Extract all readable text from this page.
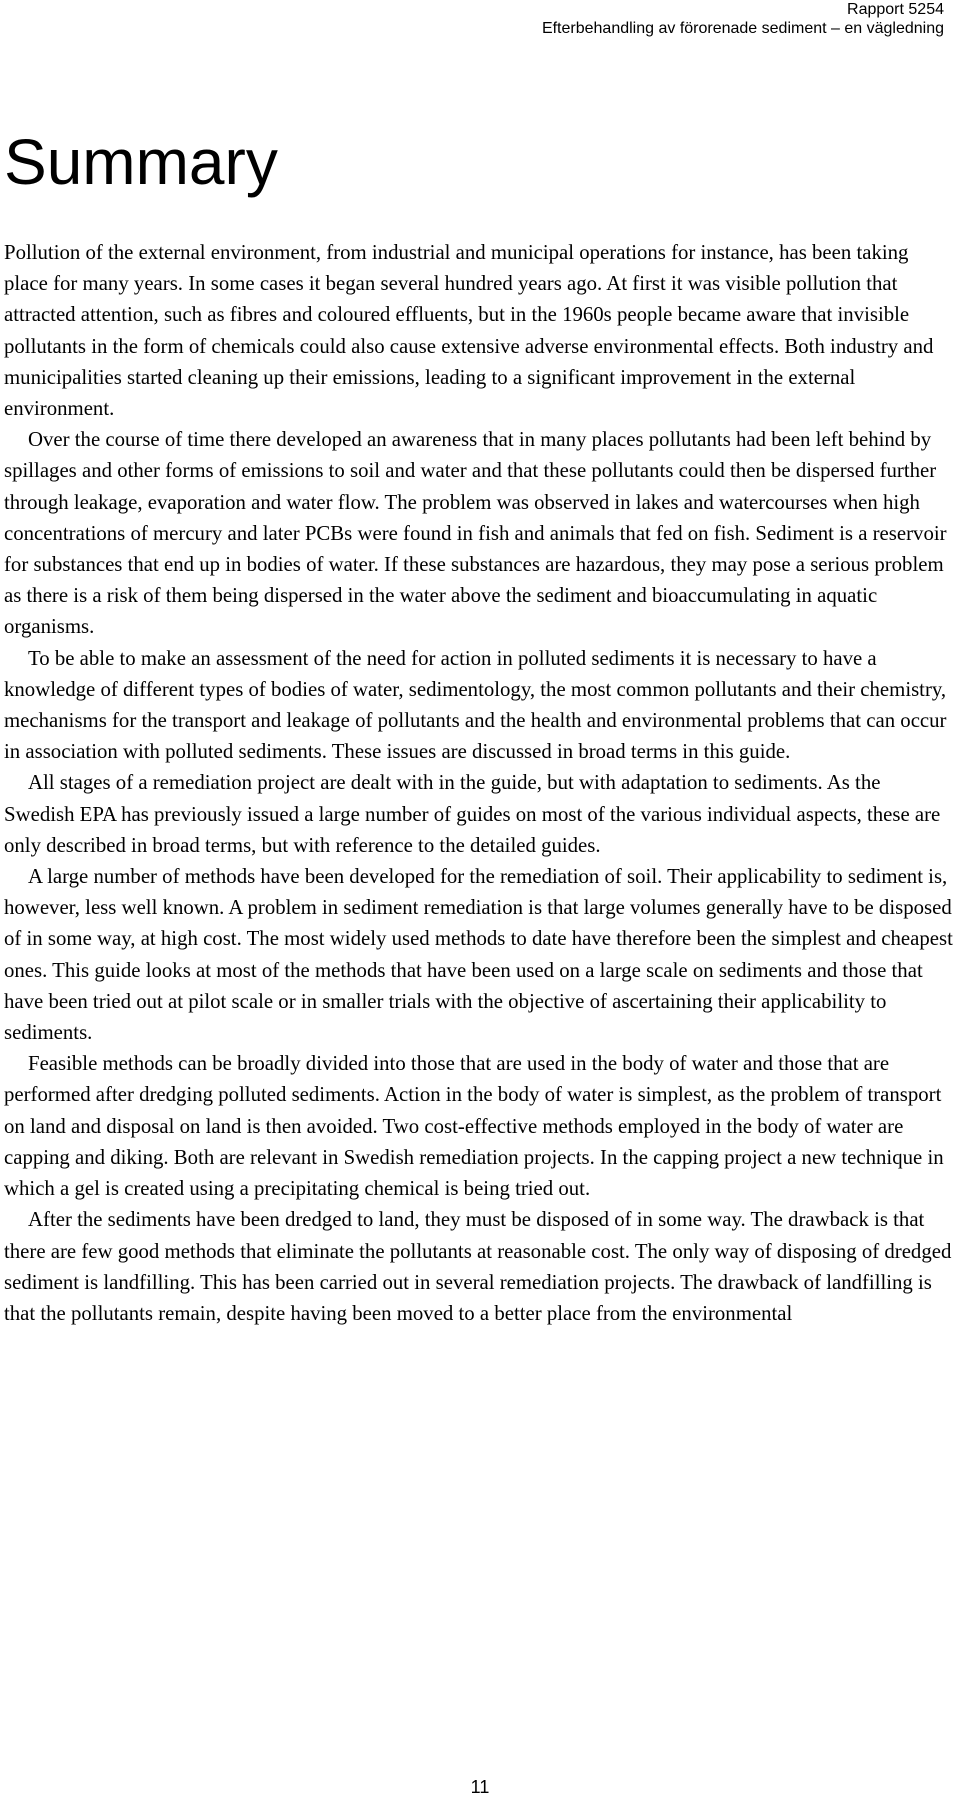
Rapport 5254
Efterbehandling av förorenade sediment – en vägledning
Summary

Pollution of the external environment, from industrial and municipal operations for instance, has been taking place for many years. In some cases it began several hundred years ago. At first it was visible pollution that attracted attention, such as fibres and coloured effluents, but in the 1960s people became aware that invisible pollutants in the form of chemicals could also cause extensive adverse environmental effects. Both industry and municipalities started cleaning up their emissions, leading to a significant improvement in the external environment.

Over the course of time there developed an awareness that in many places pollutants had been left behind by spillages and other forms of emissions to soil and water and that these pollutants could then be dispersed further through leakage, evaporation and water flow. The problem was observed in lakes and watercourses when high concentrations of mercury and later PCBs were found in fish and animals that fed on fish. Sediment is a reservoir for substances that end up in bodies of water. If these substances are hazardous, they may pose a serious problem as there is a risk of them being dispersed in the water above the sediment and bioaccumulating in aquatic organisms.

To be able to make an assessment of the need for action in polluted sediments it is necessary to have a knowledge of different types of bodies of water, sedimentology, the most common pollutants and their chemistry, mechanisms for the transport and leakage of pollutants and the health and environmental problems that can occur in association with polluted sediments. These issues are discussed in broad terms in this guide.

All stages of a remediation project are dealt with in the guide, but with adaptation to sediments. As the Swedish EPA has previously issued a large number of guides on most of the various individual aspects, these are only described in broad terms, but with reference to the detailed guides.

A large number of methods have been developed for the remediation of soil. Their applicability to sediment is, however, less well known. A problem in sediment remediation is that large volumes generally have to be disposed of in some way, at high cost. The most widely used methods to date have therefore been the simplest and cheapest ones. This guide looks at most of the methods that have been used on a large scale on sediments and those that have been tried out at pilot scale or in smaller trials with the objective of ascertaining their applicability to sediments.

Feasible methods can be broadly divided into those that are used in the body of water and those that are performed after dredging polluted sediments. Action in the body of water is simplest, as the problem of transport on land and disposal on land is then avoided. Two cost-effective methods employed in the body of water are capping and diking. Both are relevant in Swedish remediation projects. In the capping project a new technique in which a gel is created using a precipitating chemical is being tried out.

After the sediments have been dredged to land, they must be disposed of in some way. The drawback is that there are few good methods that eliminate the pollutants at reasonable cost. The only way of disposing of dredged sediment is landfilling. This has been carried out in several remediation projects. The drawback of landfilling is that the pollutants remain, despite having been moved to a better place from the environmental

11
